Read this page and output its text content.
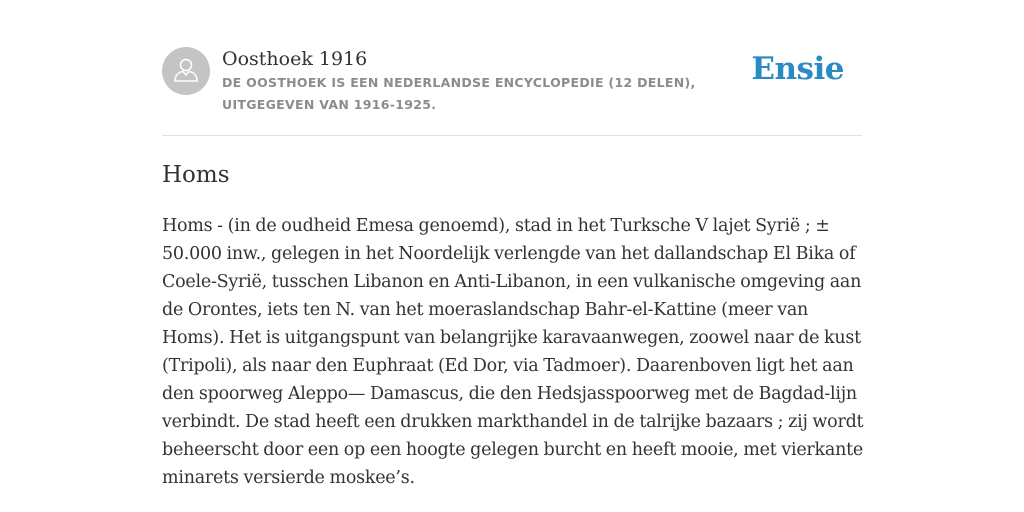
Oosthoek 1916

DE OOSTHOEK IS EEN NEDERLANDSE ENCYCLOPEDIE (12 DELEN), UITGEGEVEN VAN 1916-1925.

Ensie
Homs

Homs - (in de oudheid Emesa genoemd), stad in het Turksche V lajet Syrië ; ± 50.000 inw., gelegen in het Noordelijk verlengde van het dallandschap El Bika of Coele-Syrië, tusschen Libanon en Anti-Libanon, in een vulkanische omgeving aan de Orontes, iets ten N. van het moeraslandschap Bahr-el-Kattine (meer van Homs). Het is uitgangspunt van belangrijke karavaanwegen, zoowel naar de kust (Tripoli), als naar den Euphraat (Ed Dor, via Tadmoer). Daarenboven ligt het aan den spoorweg Aleppo— Damascus, die den Hedsjasspoorweg met de Bagdad-lijn verbindt. De stad heeft een drukken markthandel in de talrijke bazaars ; zij wordt beheerscht door een op een hoogte gelegen burcht en heeft mooie, met vierkante minarets versierde moskee’s.
